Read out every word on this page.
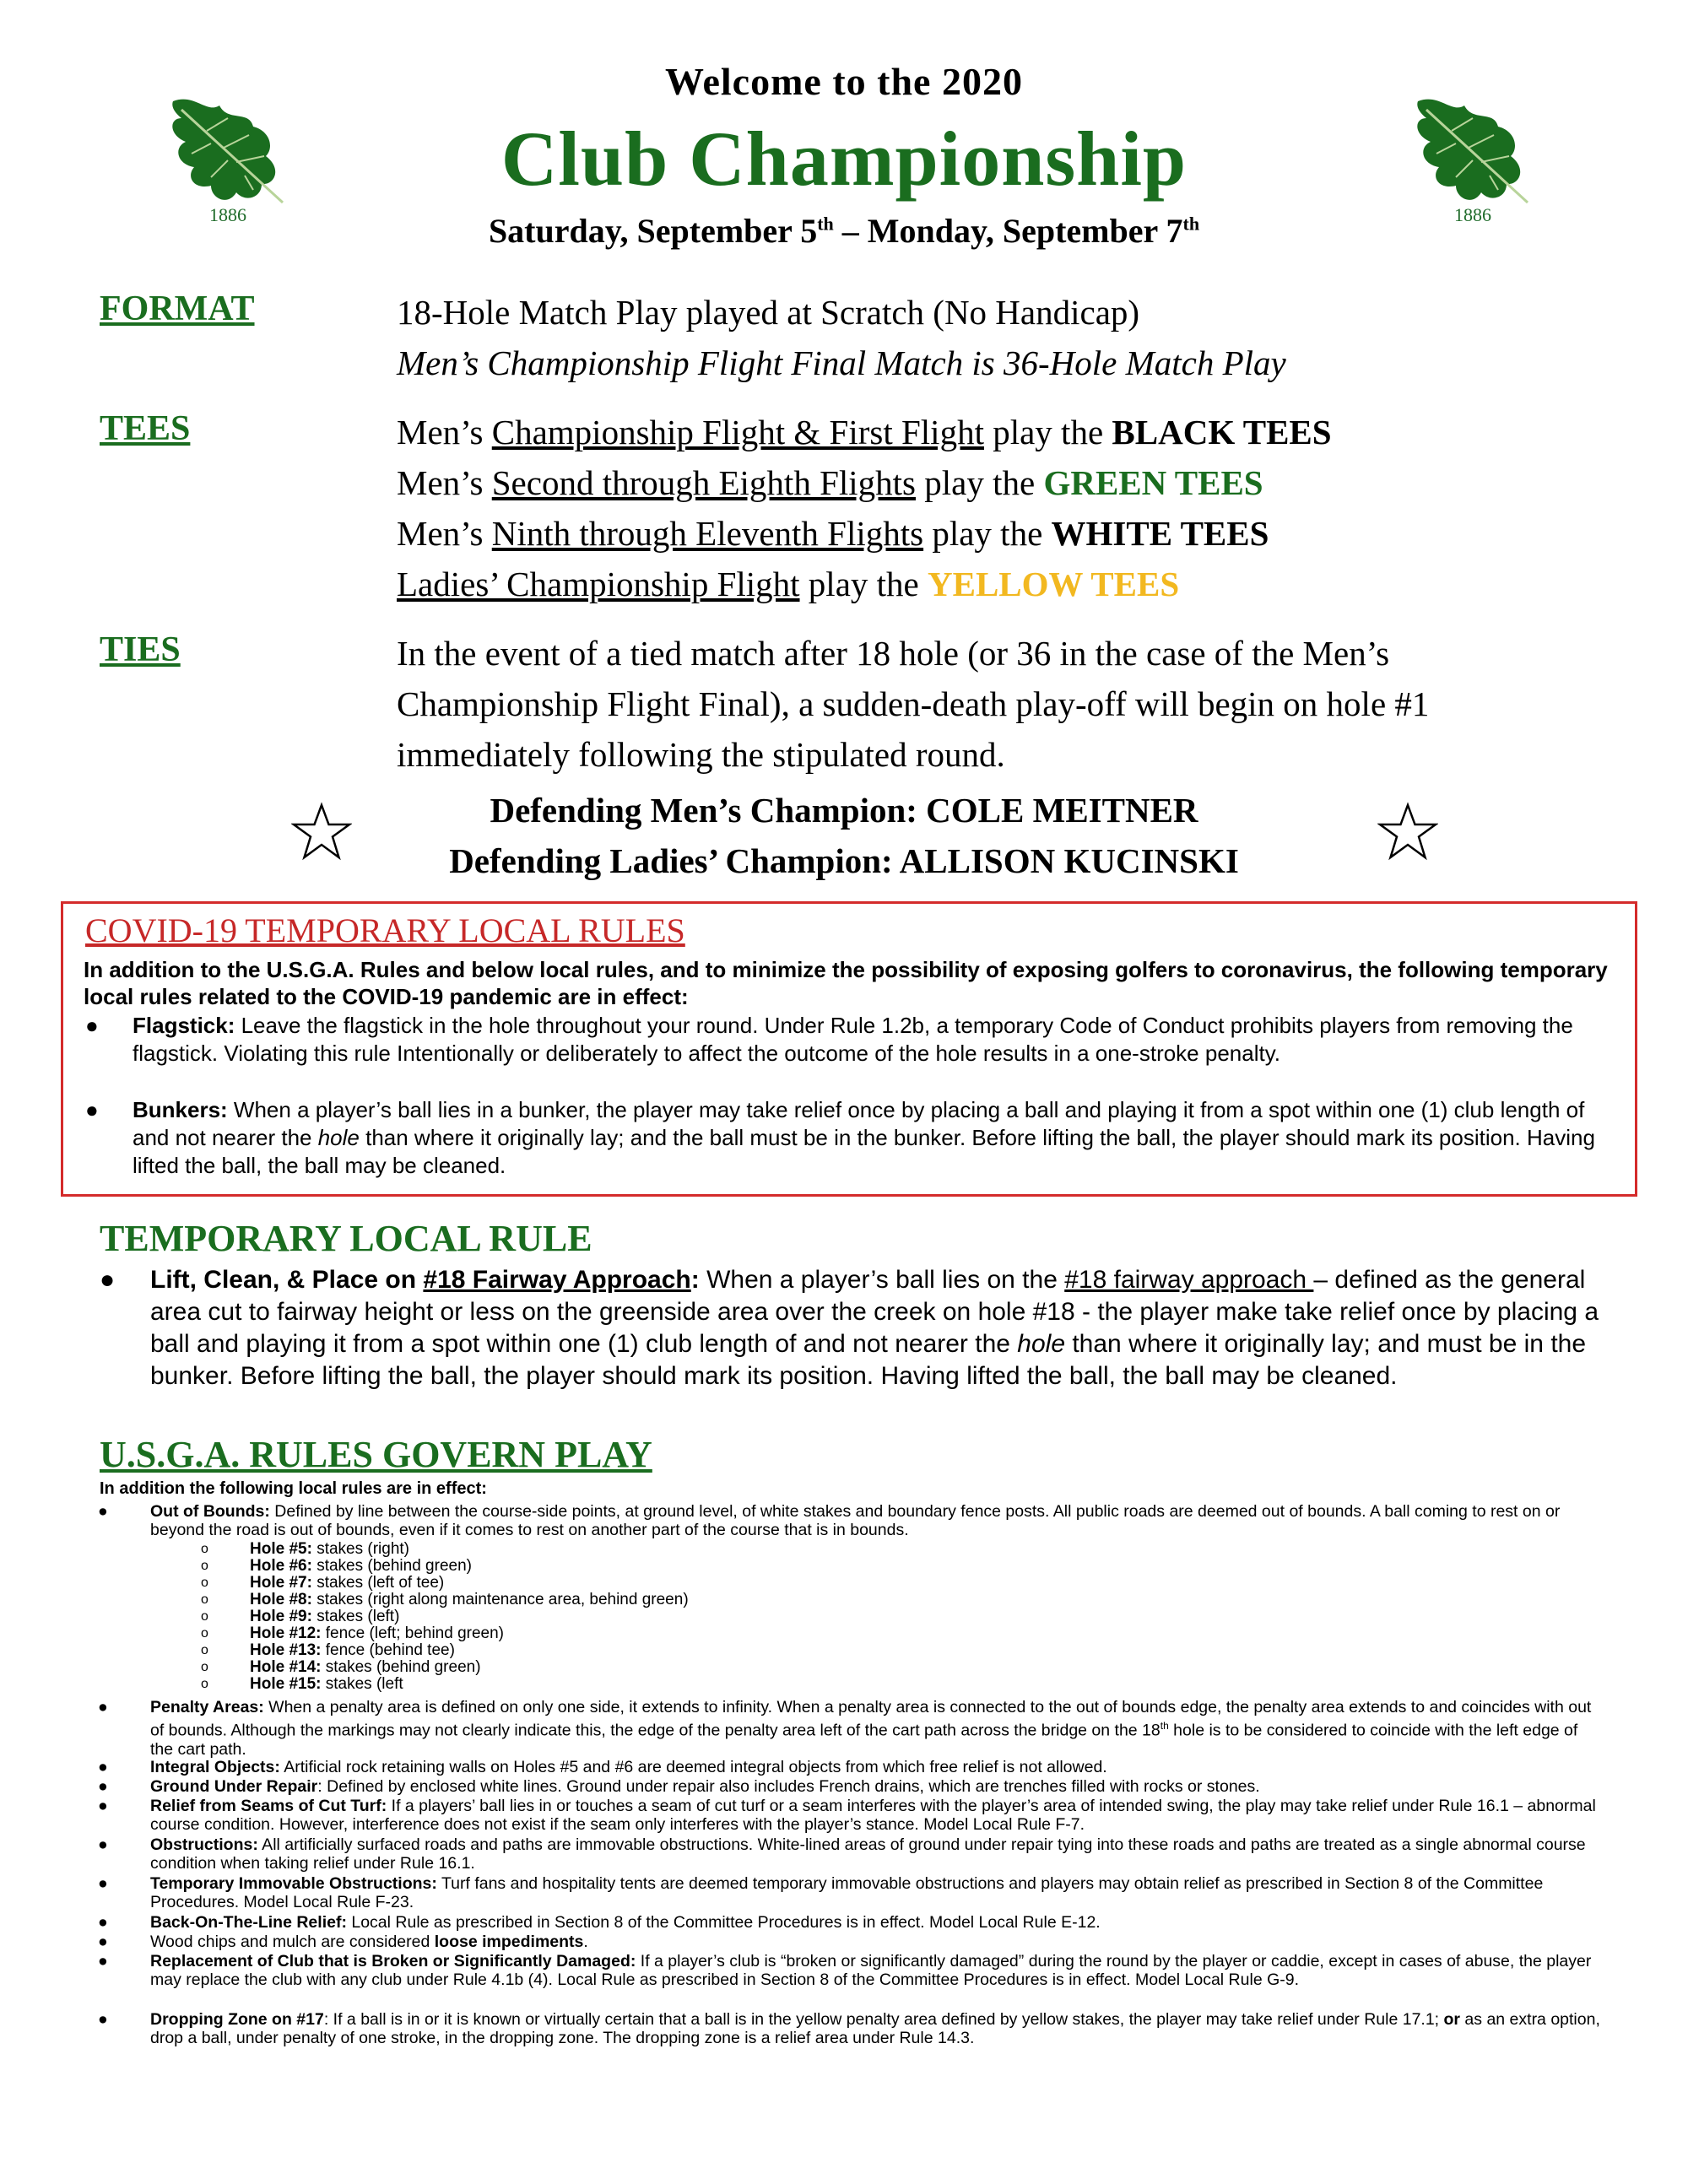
1886	1886
Welcome to the 2020
Club Championship
Saturday, September 5th – Monday, September 7th
FORMAT	18-Hole Match Play played at Scratch (No Handicap)
Men’s Championship Flight Final Match is 36-Hole Match Play
TEES	Men’s Championship Flight & First Flight play the BLACK TEES
Men’s Second through Eighth Flights play the GREEN TEES
Men’s Ninth through Eleventh Flights play the WHITE TEES
Ladies’ Championship Flight play the YELLOW TEES
TIES	In the event of a tied match after 18 hole (or 36 in the case of the Men’s
Championship Flight Final), a sudden-death play-off will begin on hole #1
immediately following the stipulated round.
Defending Men’s Champion: COLE MEITNER
Defending Ladies’ Champion: ALLISON KUCINSKI
COVID-19 TEMPORARY LOCAL RULES
In addition to the U.S.G.A. Rules and below local rules, and to minimize the possibility of exposing golfers to coronavirus, the following temporary local rules related to the COVID-19 pandemic are in effect:
● Flagstick: Leave the flagstick in the hole throughout your round. Under Rule 1.2b, a temporary Code of Conduct prohibits players from removing the flagstick. Violating this rule Intentionally or deliberately to affect the outcome of the hole results in a one-stroke penalty.
● Bunkers: When a player’s ball lies in a bunker, the player may take relief once by placing a ball and playing it from a spot within one (1) club length of and not nearer the hole than where it originally lay; and the ball must be in the bunker. Before lifting the ball, the player should mark its position. Having lifted the ball, the ball may be cleaned.
TEMPORARY LOCAL RULE
● Lift, Clean, & Place on #18 Fairway Approach: When a player’s ball lies on the #18 fairway approach – defined as the general area cut to fairway height or less on the greenside area over the creek on hole #18 - the player make take relief once by placing a ball and playing it from a spot within one (1) club length of and not nearer the hole than where it originally lay; and must be in the bunker. Before lifting the ball, the player should mark its position. Having lifted the ball, the ball may be cleaned.
U.S.G.A. RULES GOVERN PLAY
In addition the following local rules are in effect:
●	Out of Bounds: Defined by line between the course-side points, at ground level, of white stakes and boundary fence posts. All public roads are deemed out of bounds. A ball coming to rest on or beyond the road is out of bounds, even if it comes to rest on another part of the course that is in bounds.
o	Hole #5: stakes (right)
o	Hole #6: stakes (behind green)
o	Hole #7: stakes (left of tee)
o	Hole #8: stakes (right along maintenance area, behind green)
o	Hole #9: stakes (left)
o	Hole #12: fence (left; behind green)
o	Hole #13: fence (behind tee)
o	Hole #14: stakes (behind green)
o	Hole #15: stakes (left
●	Penalty Areas: When a penalty area is defined on only one side, it extends to infinity. When a penalty area is connected to the out of bounds edge, the penalty area extends to and coincides with out of bounds. Although the markings may not clearly indicate this, the edge of the penalty area left of the cart path across the bridge on the 18th hole is to be considered to coincide with the left edge of the cart path.
●	Integral Objects: Artificial rock retaining walls on Holes #5 and #6 are deemed integral objects from which free relief is not allowed.
●	Ground Under Repair: Defined by enclosed white lines. Ground under repair also includes French drains, which are trenches filled with rocks or stones.
●	Relief from Seams of Cut Turf: If a players’ ball lies in or touches a seam of cut turf or a seam interferes with the player’s area of intended swing, the play may take relief under Rule 16.1 – abnormal course condition. However, interference does not exist if the seam only interferes with the player’s stance. Model Local Rule F-7.
●	Obstructions: All artificially surfaced roads and paths are immovable obstructions. White-lined areas of ground under repair tying into these roads and paths are treated as a single abnormal course condition when taking relief under Rule 16.1.
●	Temporary Immovable Obstructions: Turf fans and hospitality tents are deemed temporary immovable obstructions and players may obtain relief as prescribed in Section 8 of the Committee Procedures. Model Local Rule F-23.
●	Back-On-The-Line Relief: Local Rule as prescribed in Section 8 of the Committee Procedures is in effect. Model Local Rule E-12.
●	Wood chips and mulch are considered loose impediments.
●	Replacement of Club that is Broken or Significantly Damaged: If a player’s club is “broken or significantly damaged” during the round by the player or caddie, except in cases of abuse, the player may replace the club with any club under Rule 4.1b (4). Local Rule as prescribed in Section 8 of the Committee Procedures is in effect. Model Local Rule G-9.
●	Dropping Zone on #17: If a ball is in or it is known or virtually certain that a ball is in the yellow penalty area defined by yellow stakes, the player may take relief under Rule 17.1; or as an extra option, drop a ball, under penalty of one stroke, in the dropping zone. The dropping zone is a relief area under Rule 14.3.
